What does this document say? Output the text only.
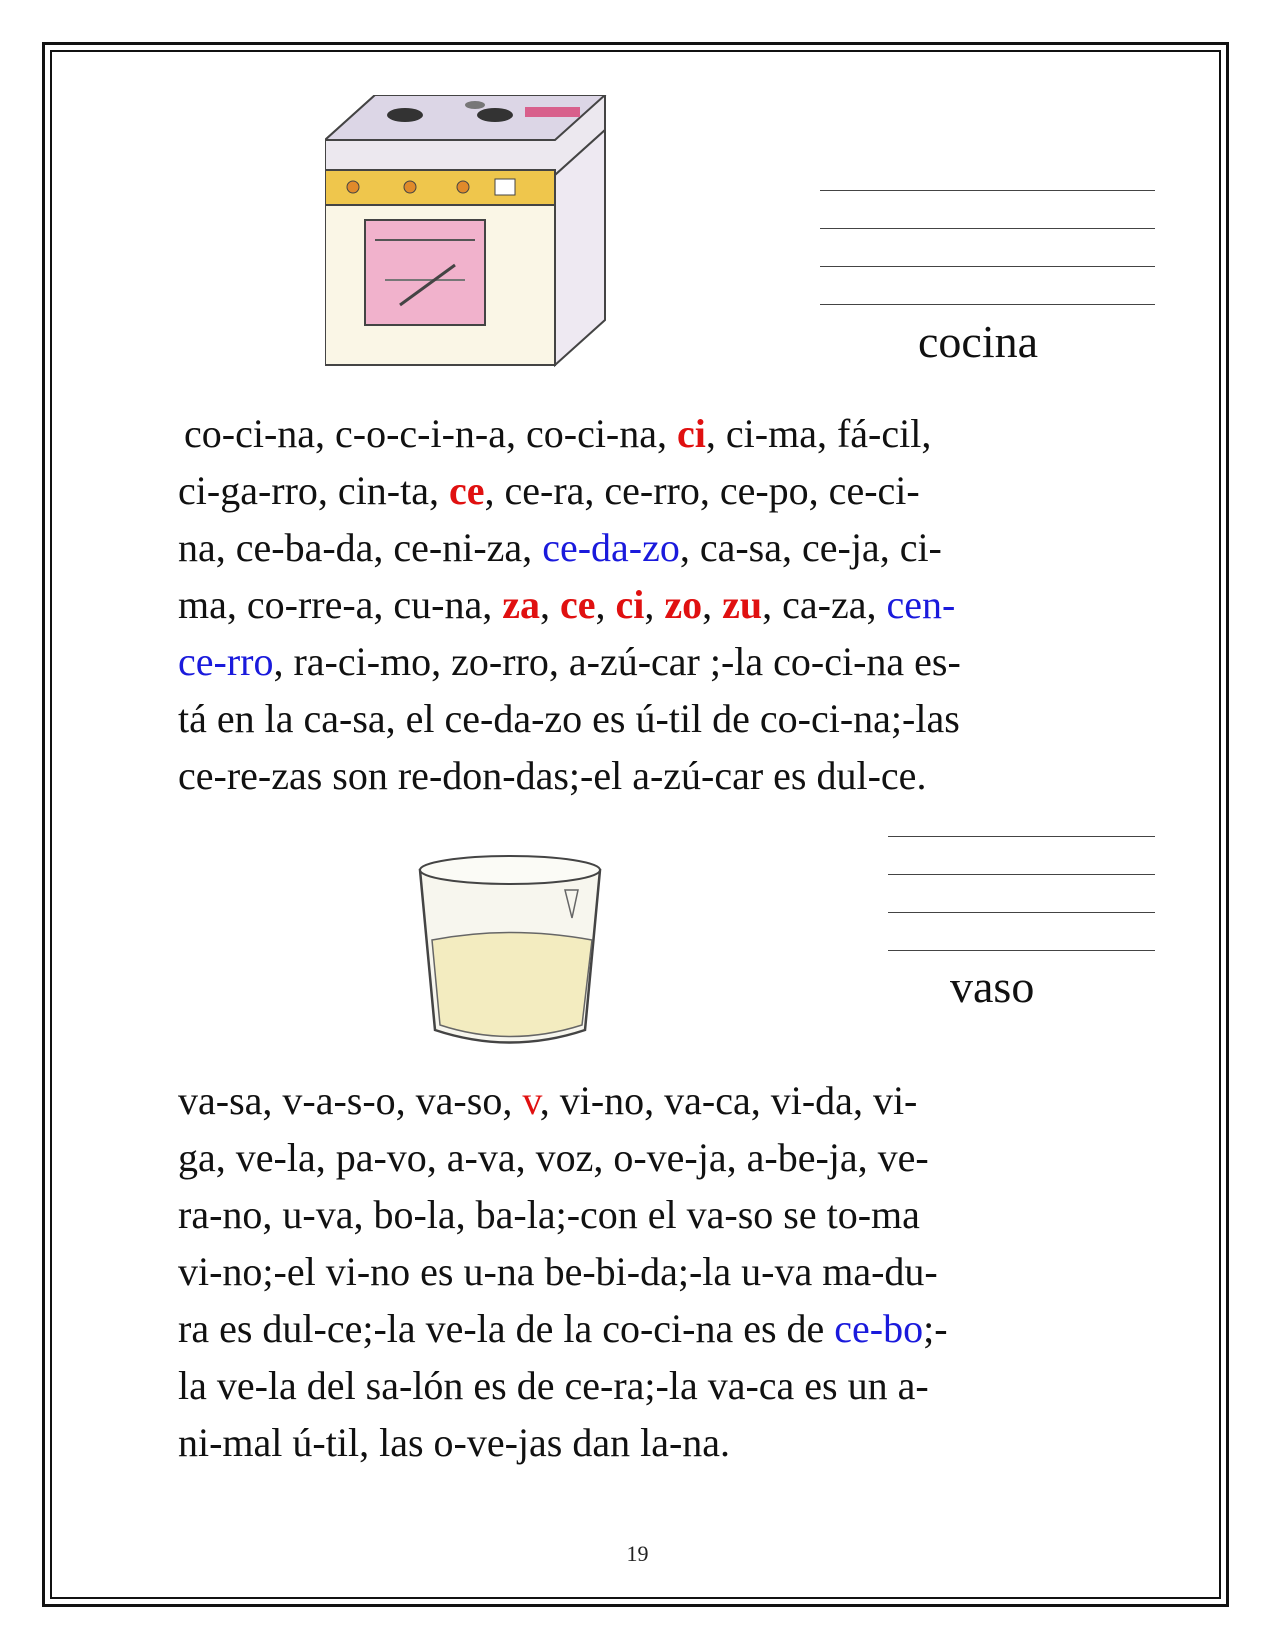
cocina
co-ci-na, c-o-c-i-n-a, co-ci-na, ci, ci-ma, fá-cil,
ci-ga-rro, cin-ta, ce, ce-ra, ce-rro, ce-po, ce-ci-
na, ce-ba-da, ce-ni-za, ce-da-zo, ca-sa, ce-ja, ci-
ma, co-rre-a, cu-na, za, ce, ci, zo, zu, ca-za, cen-
ce-rro, ra-ci-mo, zo-rro, a-zú-car ;-la co-ci-na es-
tá en la ca-sa, el ce-da-zo es ú-til de co-ci-na;-las
ce-re-zas son re-don-das;-el a-zú-car es dul-ce.
vaso
va-sa, v-a-s-o, va-so, v, vi-no, va-ca, vi-da, vi-
ga, ve-la, pa-vo, a-va, voz, o-ve-ja, a-be-ja, ve-
ra-no, u-va, bo-la, ba-la;-con el va-so se to-ma
vi-no;-el vi-no es u-na be-bi-da;-la u-va ma-du-
ra es dul-ce;-la ve-la de la co-ci-na es de ce-bo;-
la ve-la del sa-lón es de ce-ra;-la va-ca es un a-
ni-mal ú-til, las o-ve-jas dan la-na.
19
